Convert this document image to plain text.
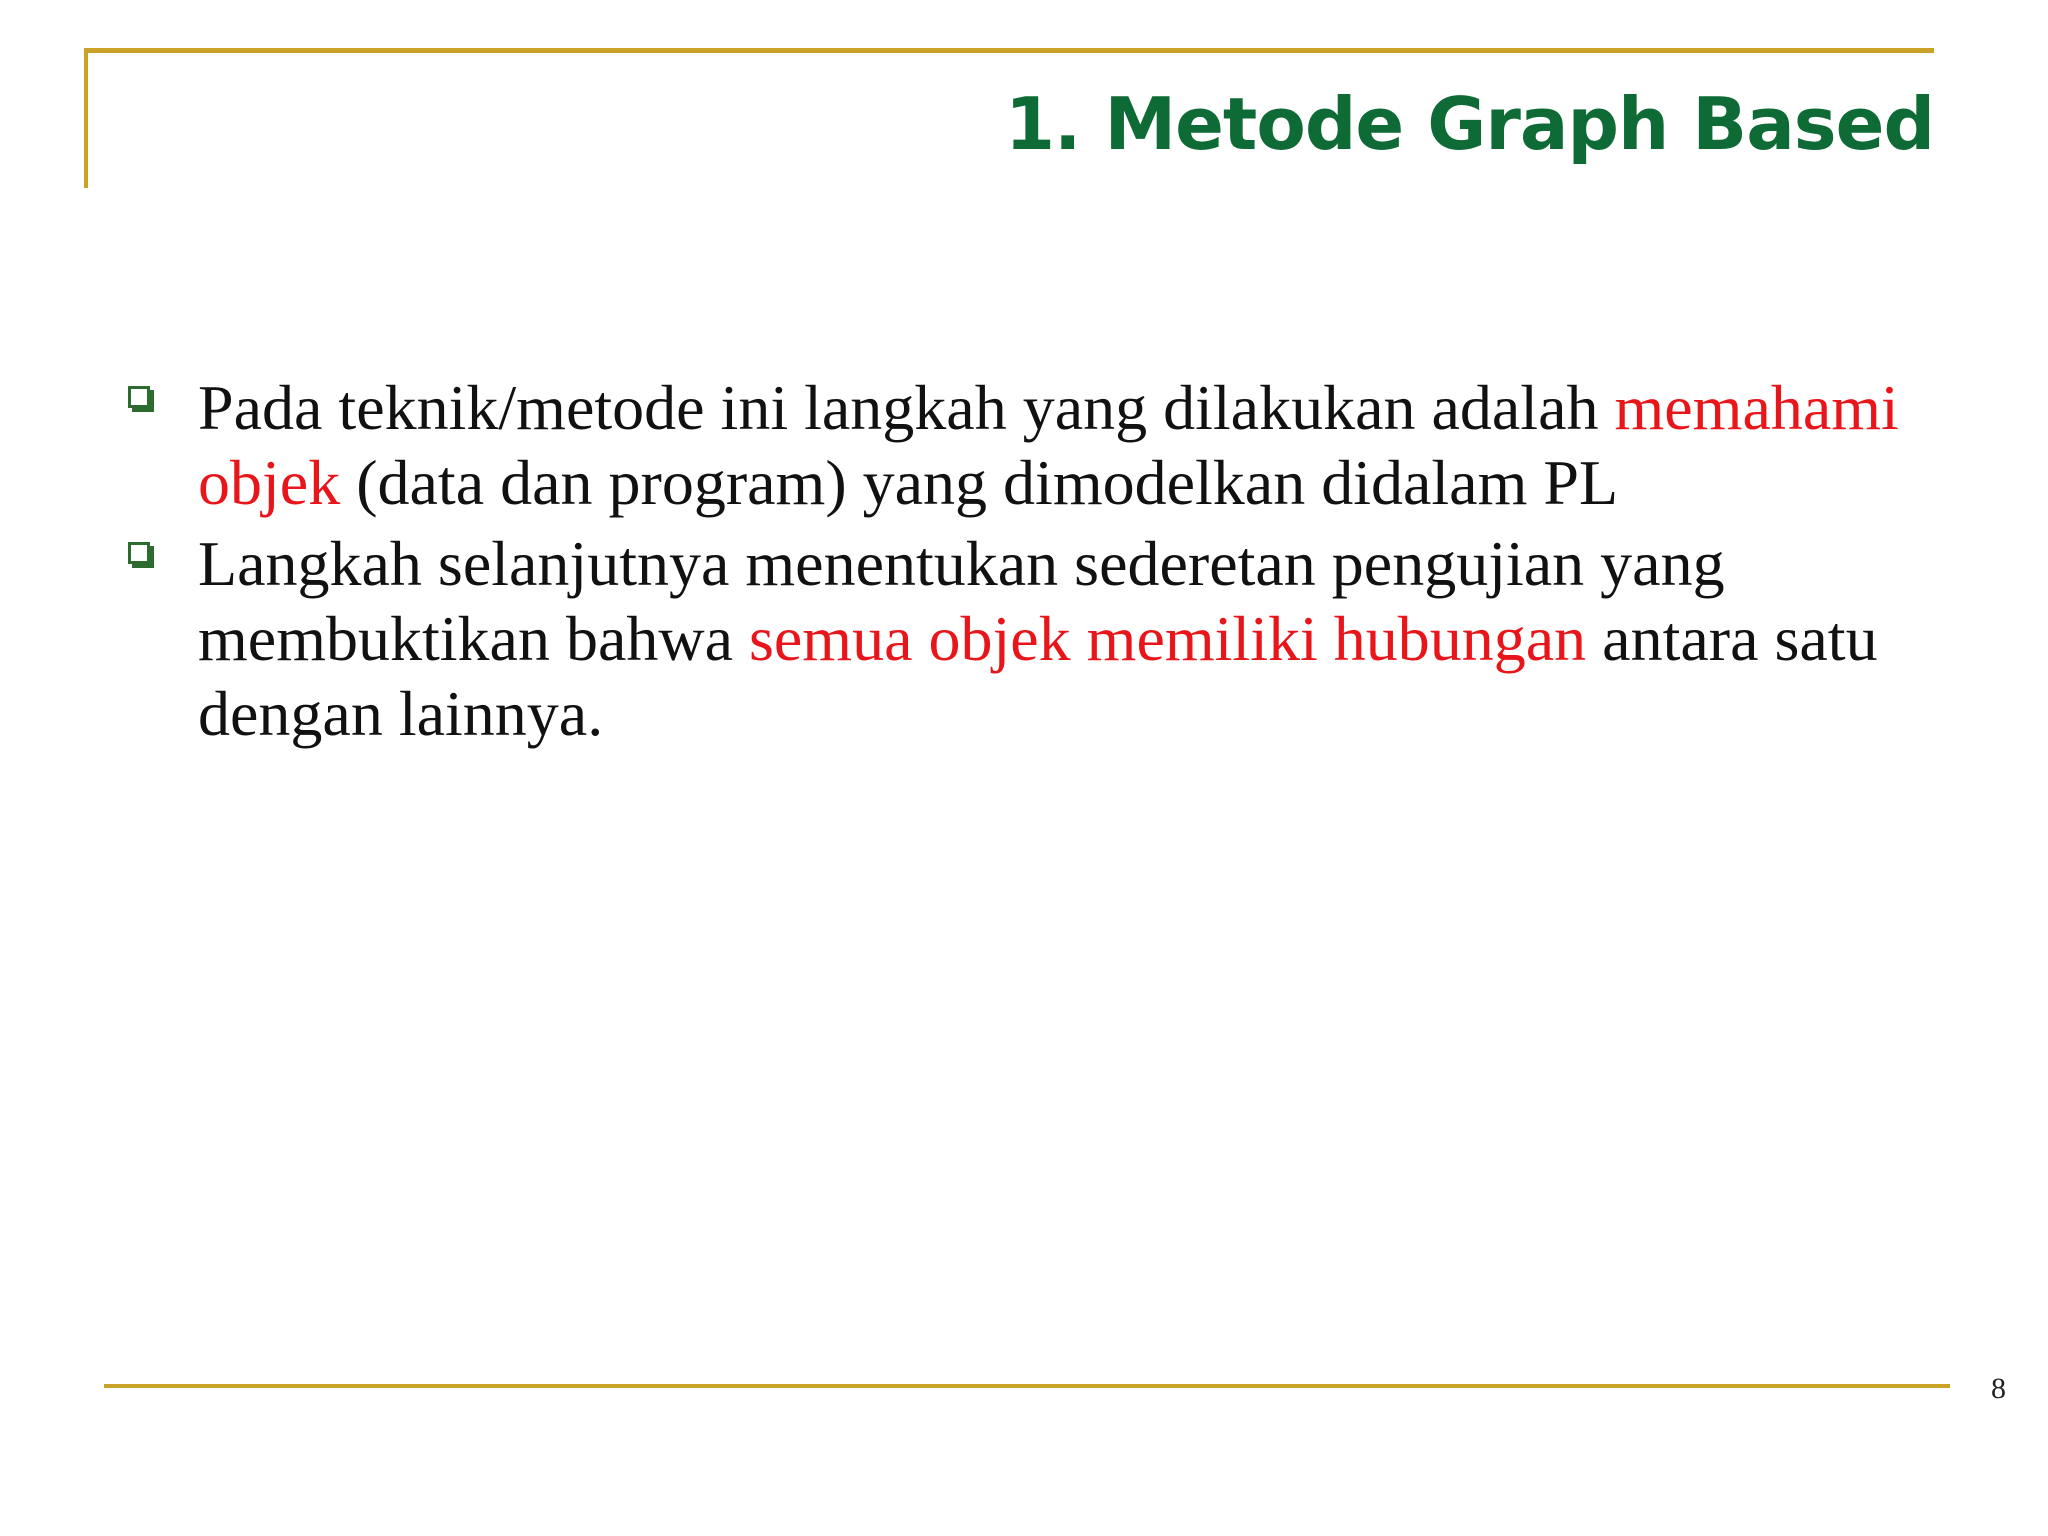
1. Metode Graph Based
Pada teknik/metode ini langkah yang dilakukan adalah memahami objek (data dan program) yang dimodelkan didalam PL
Langkah selanjutnya menentukan sederetan pengujian yang membuktikan bahwa semua objek memiliki hubungan antara satu dengan lainnya.
8
